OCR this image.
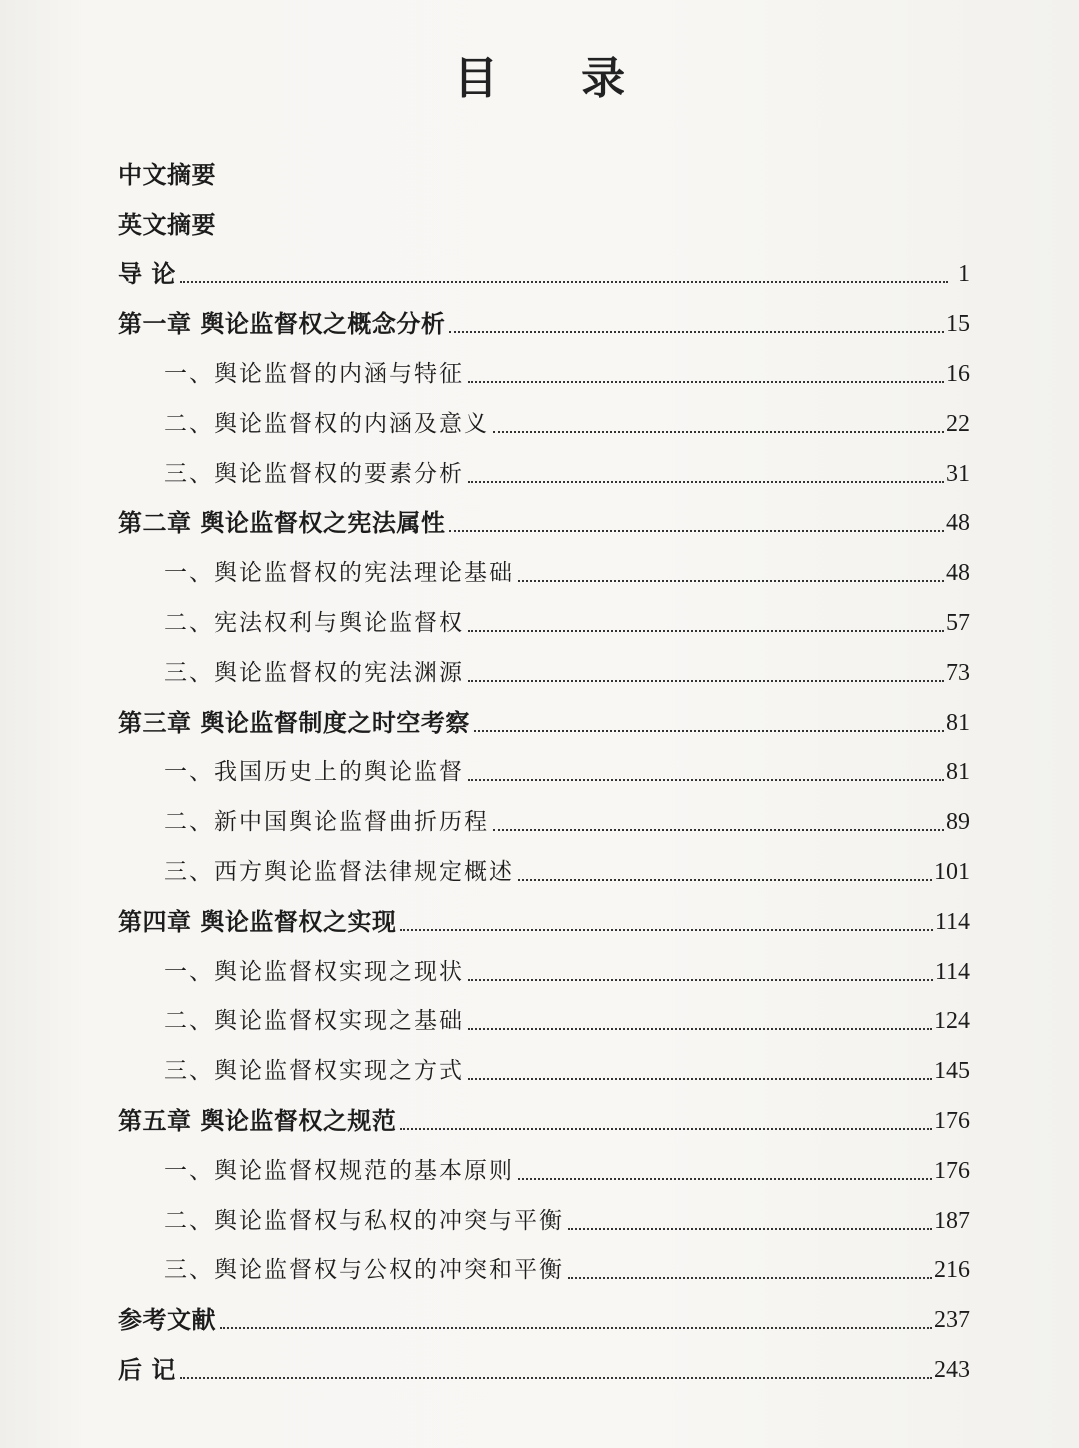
目 录
中文摘要
英文摘要
导 论	1
第一章 舆论监督权之概念分析	15
一、舆论监督的内涵与特征	16
二、舆论监督权的内涵及意义	22
三、舆论监督权的要素分析	31
第二章 舆论监督权之宪法属性	48
一、舆论监督权的宪法理论基础	48
二、宪法权利与舆论监督权	57
三、舆论监督权的宪法渊源	73
第三章 舆论监督制度之时空考察	81
一、我国历史上的舆论监督	81
二、新中国舆论监督曲折历程	89
三、西方舆论监督法律规定概述	101
第四章 舆论监督权之实现	114
一、舆论监督权实现之现状	114
二、舆论监督权实现之基础	124
三、舆论监督权实现之方式	145
第五章 舆论监督权之规范	176
一、舆论监督权规范的基本原则	176
二、舆论监督权与私权的冲突与平衡	187
三、舆论监督权与公权的冲突和平衡	216
参考文献	237
后 记	243
